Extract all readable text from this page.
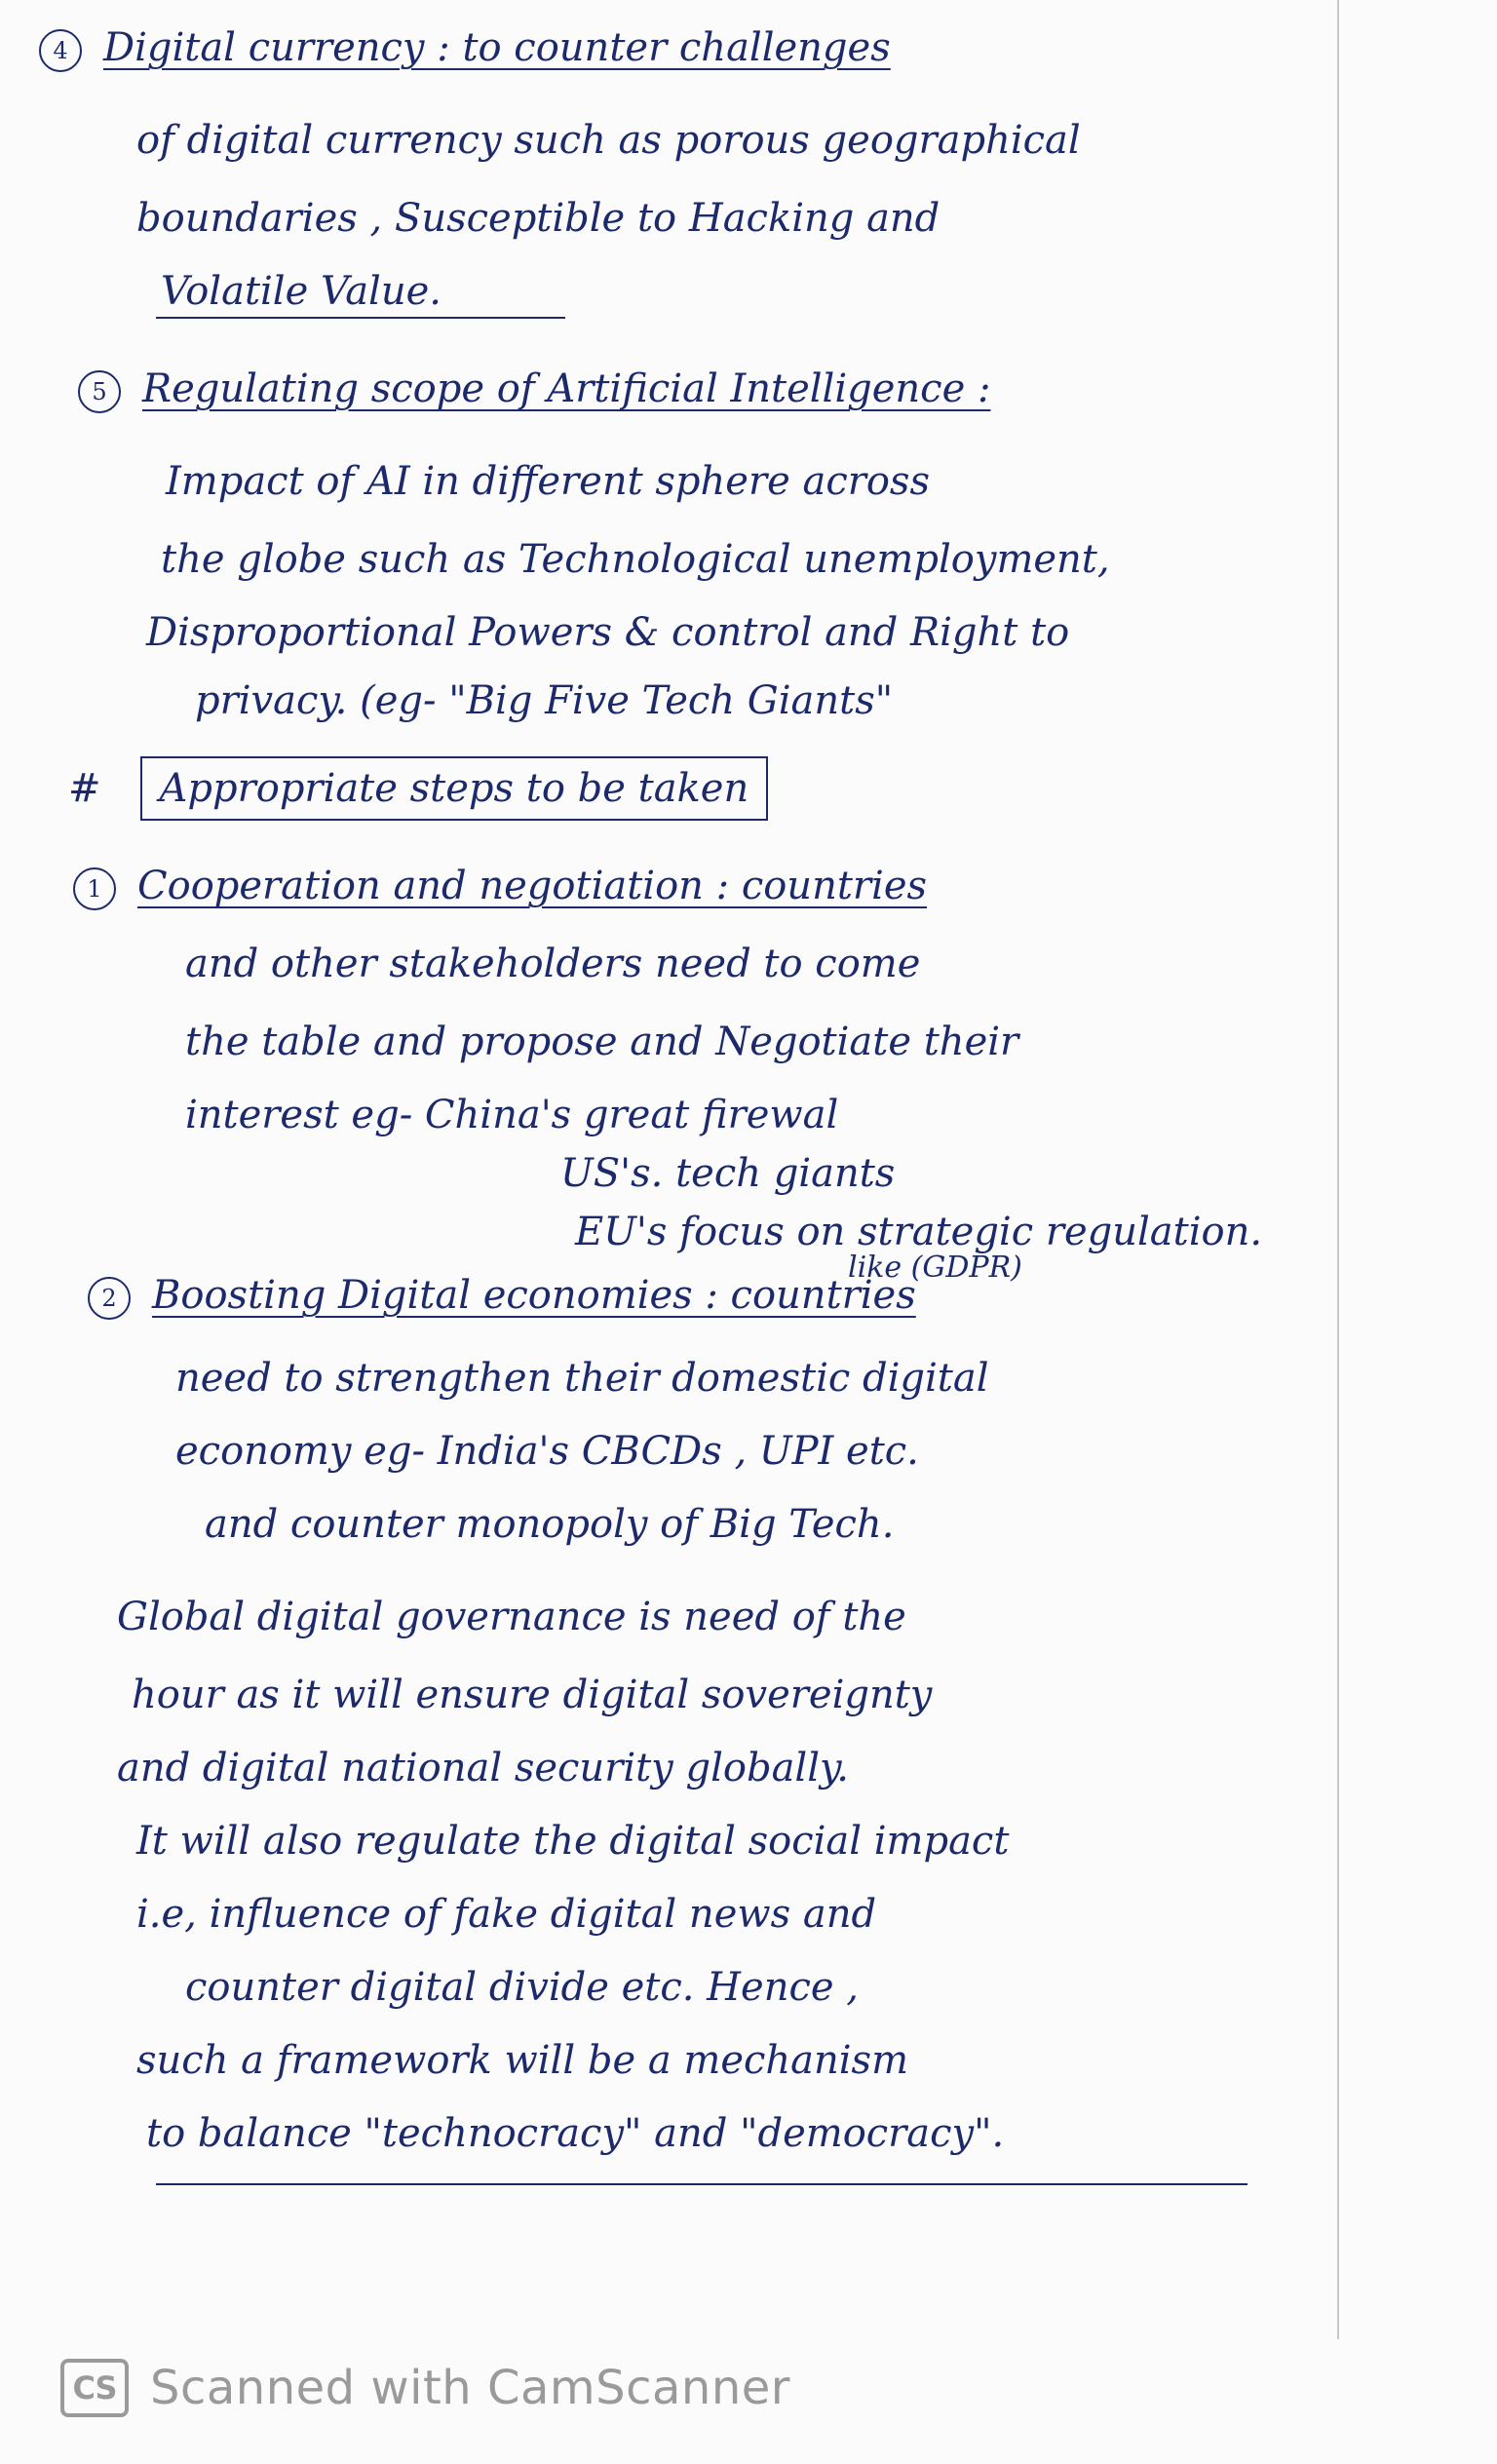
4 Digital currency : to counter challenges
of digital currency such as porous geographical
boundaries , Susceptible to Hacking and
Volatile Value.
5 Regulating scope of Artificial Intelligence :
Impact of AI in different sphere across
the globe such as Technological unemployment,
Disproportional Powers & control and Right to
privacy. (eg- "Big Five Tech Giants"
# Appropriate steps to be taken
1 Cooperation and negotiation : countries
and other stakeholders need to come
the table and propose and Negotiate their
interest eg- China's great firewal
US's. tech giants
EU's focus on strategic regulation.
like (GDPR)
2 Boosting Digital economies : countries
need to strengthen their domestic digital
economy eg- India's CBCDs , UPI etc.
and counter monopoly of Big Tech.
Global digital governance is need of the
hour as it will ensure digital sovereignty
and digital national security globally.
It will also regulate the digital social impact
i.e, influence of fake digital news and
counter digital divide etc. Hence ,
such a framework will be a mechanism
to balance "technocracy" and "democracy".
CS Scanned with CamScanner
